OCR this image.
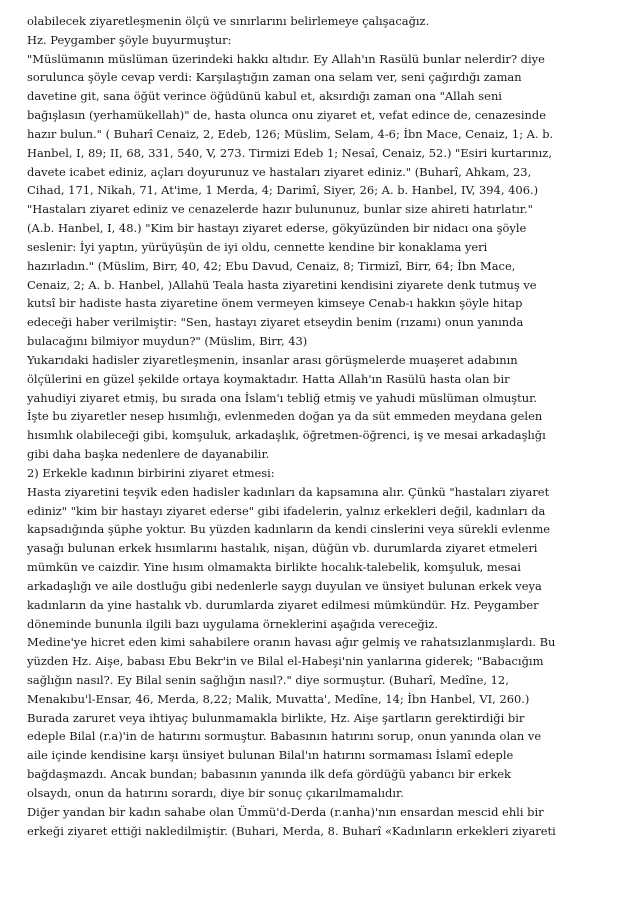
olabilecek ziyaretleşmenin ölçü ve sınırlarını belirlemeye çalışacağız.
Hz. Peygamber şöyle buyurmuştur:
"Müslümanın müslüman üzerindeki hakkı altıdır. Ey Allah'ın Rasülü bunlar nelerdir? diye
sorulunca şöyle cevap verdi: Karşılaştığın zaman ona selam ver, seni çağırdığı zaman
davetine git, sana öğüt verince öğüdünü kabul et, aksırdığı zaman ona "Allah seni
bağışlasın (yerhamükellah)" de, hasta olunca onu ziyaret et, vefat edince de, cenazesinde
hazır bulun." ( Buharî Cenaiz, 2, Edeb, 126; Müslim, Selam, 4-6; İbn Mace, Cenaiz, 1; A. b.
Hanbel, I, 89; II, 68, 331, 540, V, 273. Tirmizi Edeb 1; Nesaî, Cenaiz, 52.) "Esiri kurtarınız,
davete icabet ediniz, açları doyurunuz ve hastaları ziyaret ediniz." (Buharî, Ahkam, 23,
Cihad, 171, Nikah, 71, At'ime, 1 Merda, 4; Darimî, Siyer, 26; A. b. Hanbel, IV, 394, 406.)
"Hastaları ziyaret ediniz ve cenazelerde hazır bulununuz, bunlar size ahireti hatırlatır."
(A.b. Hanbel, I, 48.) "Kim bir hastayı ziyaret ederse, gökyüzünden bir nidacı ona şöyle
seslenir: İyi yaptın, yürüyüşün de iyi oldu, cennette kendine bir konaklama yeri
hazırladın." (Müslim, Birr, 40, 42; Ebu Davud, Cenaiz, 8; Tirmizî, Birr, 64; İbn Mace,
Cenaiz, 2; A. b. Hanbel, )Allahü Teala hasta ziyaretini kendisini ziyarete denk tutmuş ve
kutsî bir hadiste hasta ziyaretine önem vermeyen kimseye Cenab-ı hakkın şöyle hitap
edeceği haber verilmiştir: "Sen, hastayı ziyaret etseydin benim (rızamı) onun yanında
bulacağını bilmiyor muydun?" (Müslim, Birr, 43)
Yukarıdaki hadisler ziyaretleşmenin, insanlar arası görüşmelerde muaşeret adabının
ölçülerini en güzel şekilde ortaya koymaktadır. Hatta Allah'ın Rasülü hasta olan bir
yahudiyi ziyaret etmiş, bu sırada ona İslam'ı tebliğ etmiş ve yahudi müslüman olmuştur.
İşte bu ziyaretler nesep hısımlığı, evlenmeden doğan ya da süt emmeden meydana gelen
hısımlık olabileceği gibi, komşuluk, arkadaşlık, öğretmen-öğrenci, iş ve mesai arkadaşlığı
gibi daha başka nedenlere de dayanabilir.
2) Erkekle kadının birbirini ziyaret etmesi:
Hasta ziyaretini teşvik eden hadisler kadınları da kapsamına alır. Çünkü "hastaları ziyaret
ediniz" "kim bir hastayı ziyaret ederse" gibi ifadelerin, yalnız erkekleri değil, kadınları da
kapsadığında şüphe yoktur. Bu yüzden kadınların da kendi cinslerini veya sürekli evlenme
yasağı bulunan erkek hısımlarını hastalık, nişan, düğün vb. durumlarda ziyaret etmeleri
mümkün ve caizdir. Yine hısım olmamakta birlikte hocalık-talebelik, komşuluk, mesai
arkadaşlığı ve aile dostluğu gibi nedenlerle saygı duyulan ve ünsiyet bulunan erkek veya
kadınların da yine hastalık vb. durumlarda ziyaret edilmesi mümkündür. Hz. Peygamber
döneminde bununla ilgili bazı uygulama örneklerini aşağıda vereceğiz.
Medine'ye hicret eden kimi sahabilere oranın havası ağır gelmiş ve rahatsızlanmışlardı. Bu
yüzden Hz. Aişe, babası Ebu Bekr'in ve Bilal el-Habeşi'nin yanlarına giderek; "Babacığım
sağlığın nasıl?. Ey Bilal senin sağlığın nasıl?." diye sormuştur. (Buharî, Medîne, 12,
Menakıbu'l-Ensar, 46, Merda, 8,22; Malik, Muvatta', Medîne, 14; İbn Hanbel, VI, 260.)
Burada zaruret veya ihtiyaç bulunmamakla birlikte, Hz. Aişe şartların gerektirdiği bir
edeple Bilal (r.a)'in de hatırını sormuştur. Babasının hatırını sorup, onun yanında olan ve
aile içinde kendisine karşı ünsiyet bulunan Bilal'ın hatırını sormaması İslamî edeple
bağdaşmazdı. Ancak bundan; babasının yanında ilk defa gördüğü yabancı bir erkek
olsaydı, onun da hatırını sorardı, diye bir sonuç çıkarılmamalıdır.
Diğer yandan bir kadın sahabe olan Ümmü'd-Derda (r.anha)'nın ensardan mescid ehli bir
erkeği ziyaret ettiği nakledilmiştir. (Buhari, Merda, 8. Buharî «Kadınların erkekleri ziyareti
